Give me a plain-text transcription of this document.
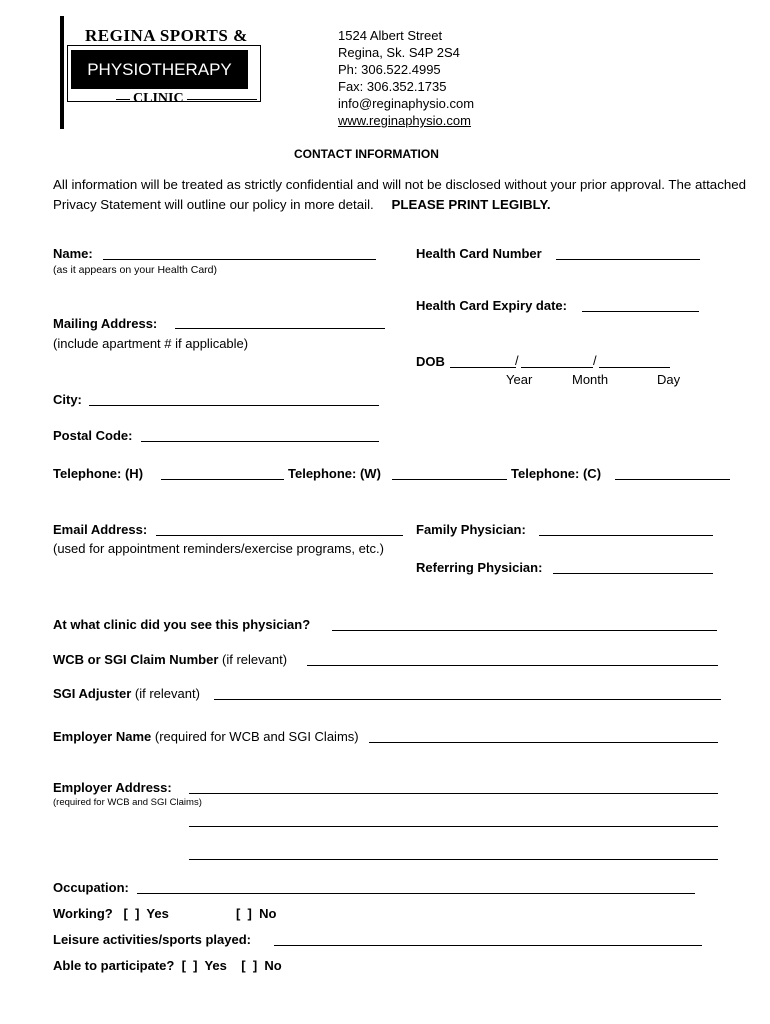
REGINA SPORTS &
PHYSIOTHERAPY
CLINIC
1524 Albert Street
Regina, Sk. S4P 2S4
Ph: 306.522.4995
Fax: 306.352.1735
info@reginaphysio.com
www.reginaphysio.com
CONTACT INFORMATION
All information will be treated as strictly confidential and will not be disclosed without your prior approval. The attached
Privacy Statement will outline our policy in more detail. PLEASE PRINT LEGIBLY.
Name:
(as it appears on your Health Card)
Health Card Number
Health Card Expiry date:
Mailing Address:
(include apartment # if applicable)
DOB	/	/
Year	Month	Day
City:
Postal Code:
Telephone: (H)	Telephone: (W)	Telephone: (C)
Email Address:
(used for appointment reminders/exercise programs, etc.)
Family Physician:
Referring Physician:
At what clinic did you see this physician?
WCB or SGI Claim Number (if relevant)
SGI Adjuster (if relevant)
Employer Name (required for WCB and SGI Claims)
Employer Address:
(required for WCB and SGI Claims)
Occupation:
Working?   [  ]  Yes	[  ]  No
Leisure activities/sports played:
Able to participate?  [  ]  Yes    [  ]  No
